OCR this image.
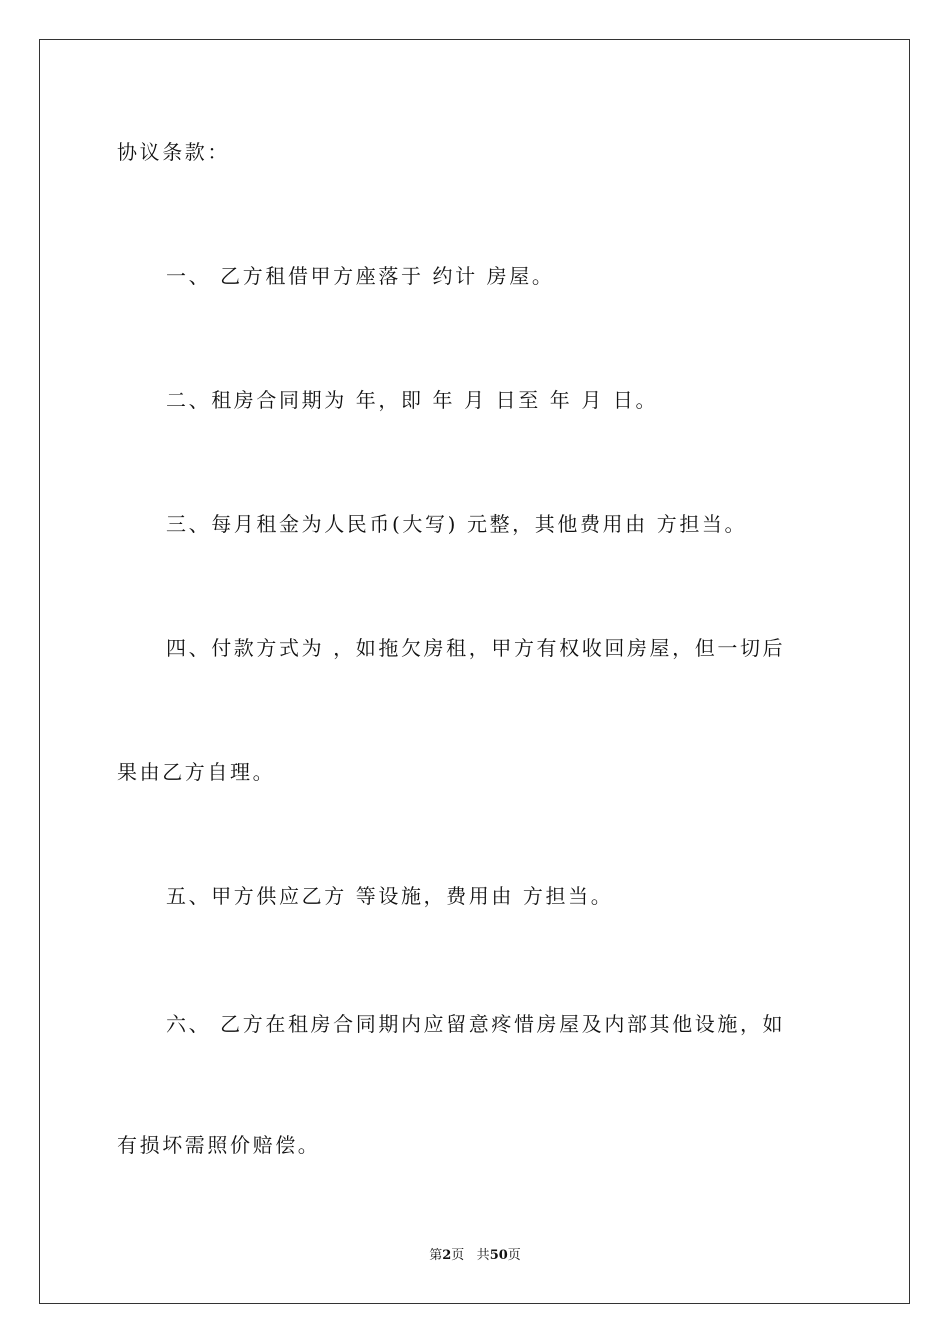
协议条款：
一、 乙方租借甲方座落于 约计 房屋。
二、租房合同期为 年，即 年 月 日至 年 月 日。
三、每月租金为人民币(大写) 元整，其他费用由 方担当。
四、付款方式为 ，如拖欠房租，甲方有权收回房屋，但一切后
果由乙方自理。
五、甲方供应乙方 等设施，费用由 方担当。
六、 乙方在租房合同期内应留意疼惜房屋及内部其他设施，如
有损坏需照价赔偿。
第2页 共50页
